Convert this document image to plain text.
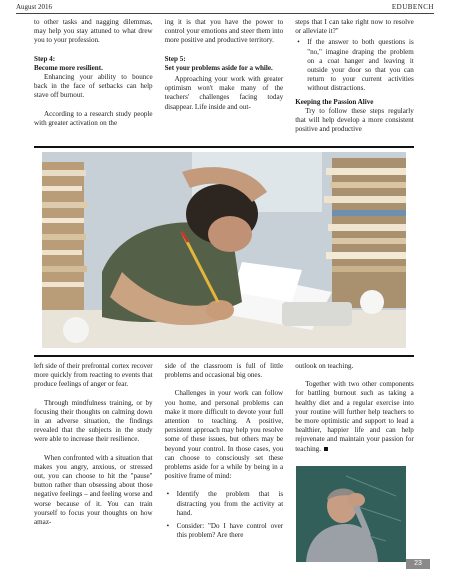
August 2016	EDUBENCH

to other tasks and nagging dilemmas, may help you stay attuned to what drew you to your profession.

Step 4:

Become more resilient.

Enhancing your ability to bounce back in the face of setbacks can help stave off burnout.

According to a research study people with greater activation on the

ing it is that you have the power to control your emotions and steer them into more positive and productive territory.

Step 5:

Set your problems aside for a while.

Approaching your work with greater optimism won't make many of the teachers' challenges facing today disappear. Life inside and out-

steps that I can take right now to resolve or alleviate it?"

• If the answer to both questions is "no," imagine draping the problem on a coat hanger and leaving it outside your door so that you can return to your current activities without distractions.

Keeping the Passion Alive

Try to follow these steps regularly that will help develop a more consistent positive and productive

left side of their prefrontal cortex recover more quickly from reacting to events that produce feelings of anger or fear.

Through mindfulness training, or by focusing their thoughts on calming down in an adverse situation, the findings revealed that the subjects in the study were able to increase their resilience.

When confronted with a situation that makes you angry, anxious, or stressed out, you can choose to hit the "pause" button rather than obsessing about those negative feelings – and feeling worse and worse because of it. You can train yourself to focus your thoughts on how amaz-

side of the classroom is full of little problems and occasional big ones.

Challenges in your work can follow you home, and personal problems can make it more difficult to devote your full attention to teaching. A positive, persistent approach may help you resolve some of these issues, but others may be beyond your control. In those cases, you can choose to consciously set these problems aside for a while by being in a positive frame of mind:

• Identify the problem that is distracting you from the activity at hand.
• Consider: "Do I have control over this problem? Are there

outlook on teaching.

Together with two other components for battling burnout such as taking a healthy diet and a regular exercise into your routine will further help teachers to be more optimistic and support to lead a healthier, happier life and can help rejuvenate and maintain your passion for teaching.

23
